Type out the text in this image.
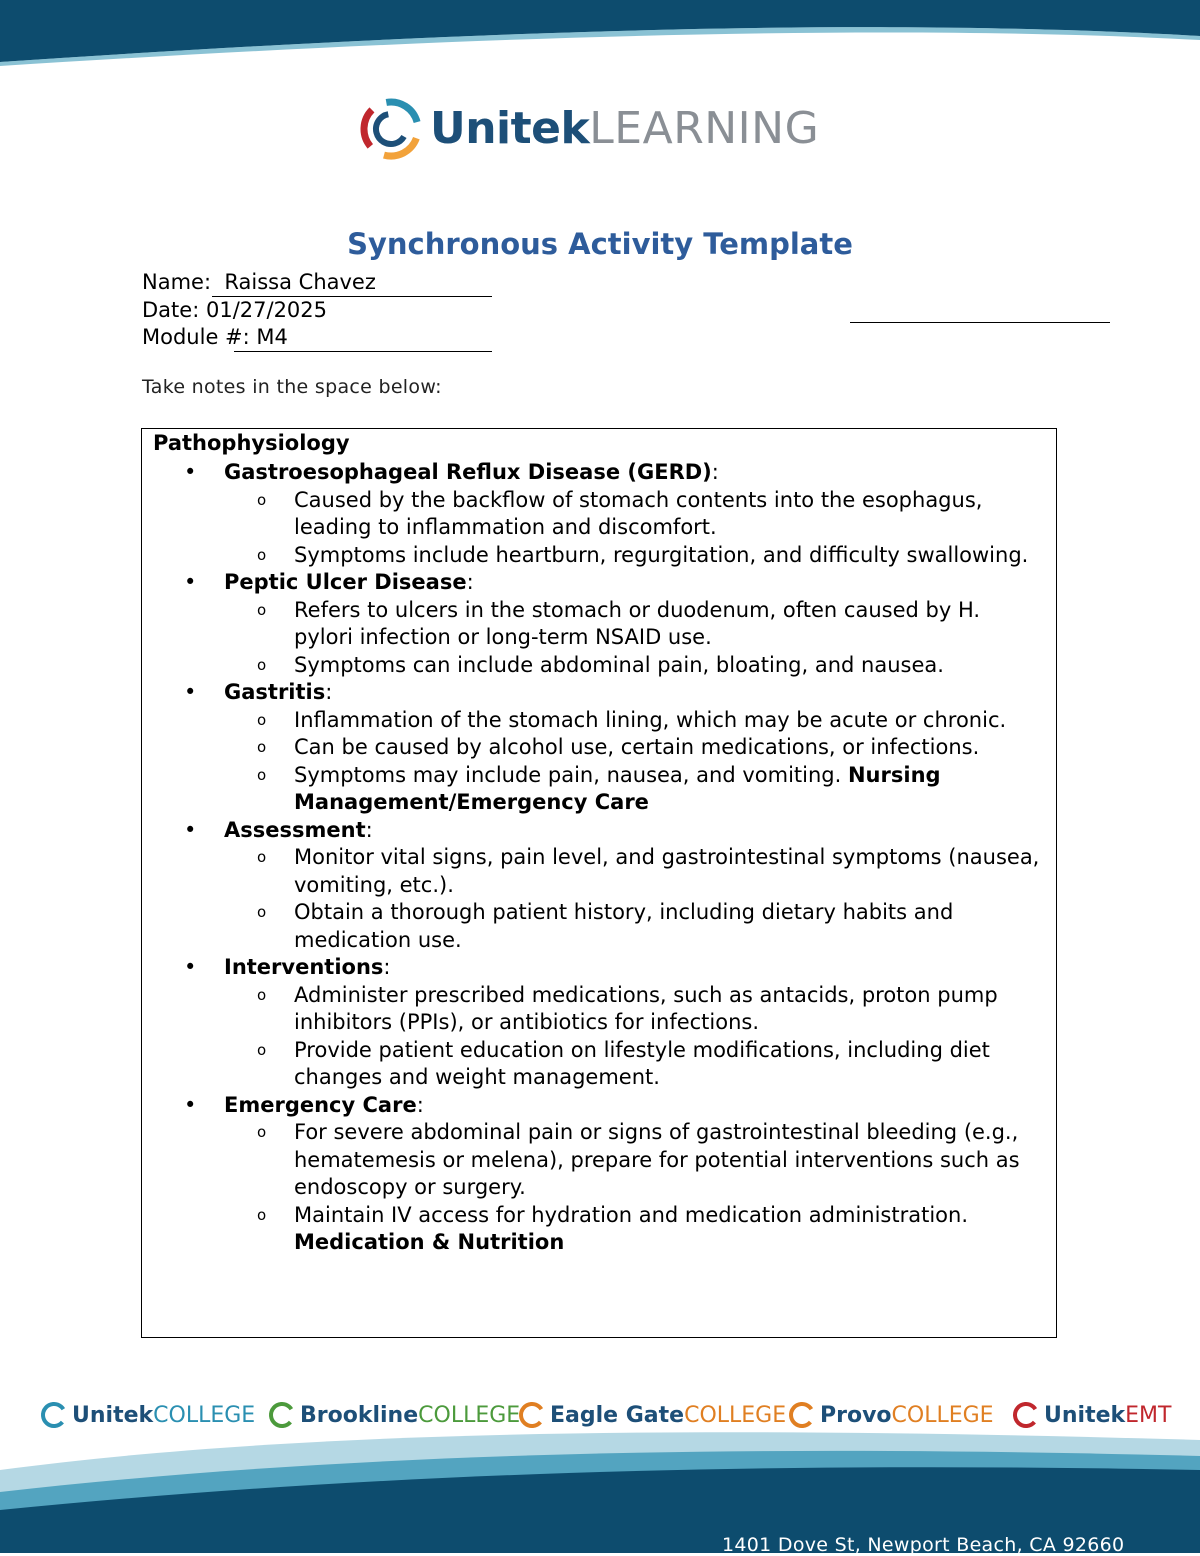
UnitekLEARNING
Synchronous Activity Template
Name: Raissa Chavez
Date: 01/27/2025
Module #: M4
Take notes in the space below:
Pathophysiology
• Gastroesophageal Reflux Disease (GERD):
o Caused by the backflow of stomach contents into the esophagus, leading to inflammation and discomfort.
o Symptoms include heartburn, regurgitation, and difficulty swallowing.
• Peptic Ulcer Disease:
o Refers to ulcers in the stomach or duodenum, often caused by H. pylori infection or long-term NSAID use.
o Symptoms can include abdominal pain, bloating, and nausea.
• Gastritis:
o Inflammation of the stomach lining, which may be acute or chronic.
o Can be caused by alcohol use, certain medications, or infections.
o Symptoms may include pain, nausea, and vomiting. Nursing Management/Emergency Care
• Assessment:
o Monitor vital signs, pain level, and gastrointestinal symptoms (nausea, vomiting, etc.).
o Obtain a thorough patient history, including dietary habits and medication use.
• Interventions:
o Administer prescribed medications, such as antacids, proton pump inhibitors (PPIs), or antibiotics for infections.
o Provide patient education on lifestyle modifications, including diet changes and weight management.
• Emergency Care:
o For severe abdominal pain or signs of gastrointestinal bleeding (e.g., hematemesis or melena), prepare for potential interventions such as endoscopy or surgery.
o Maintain IV access for hydration and medication administration. Medication & Nutrition
Unitek COLLEGE Brookline COLLEGE Eagle Gate COLLEGE Provo COLLEGE Unitek EMT
1401 Dove St, Newport Beach, CA 92660
